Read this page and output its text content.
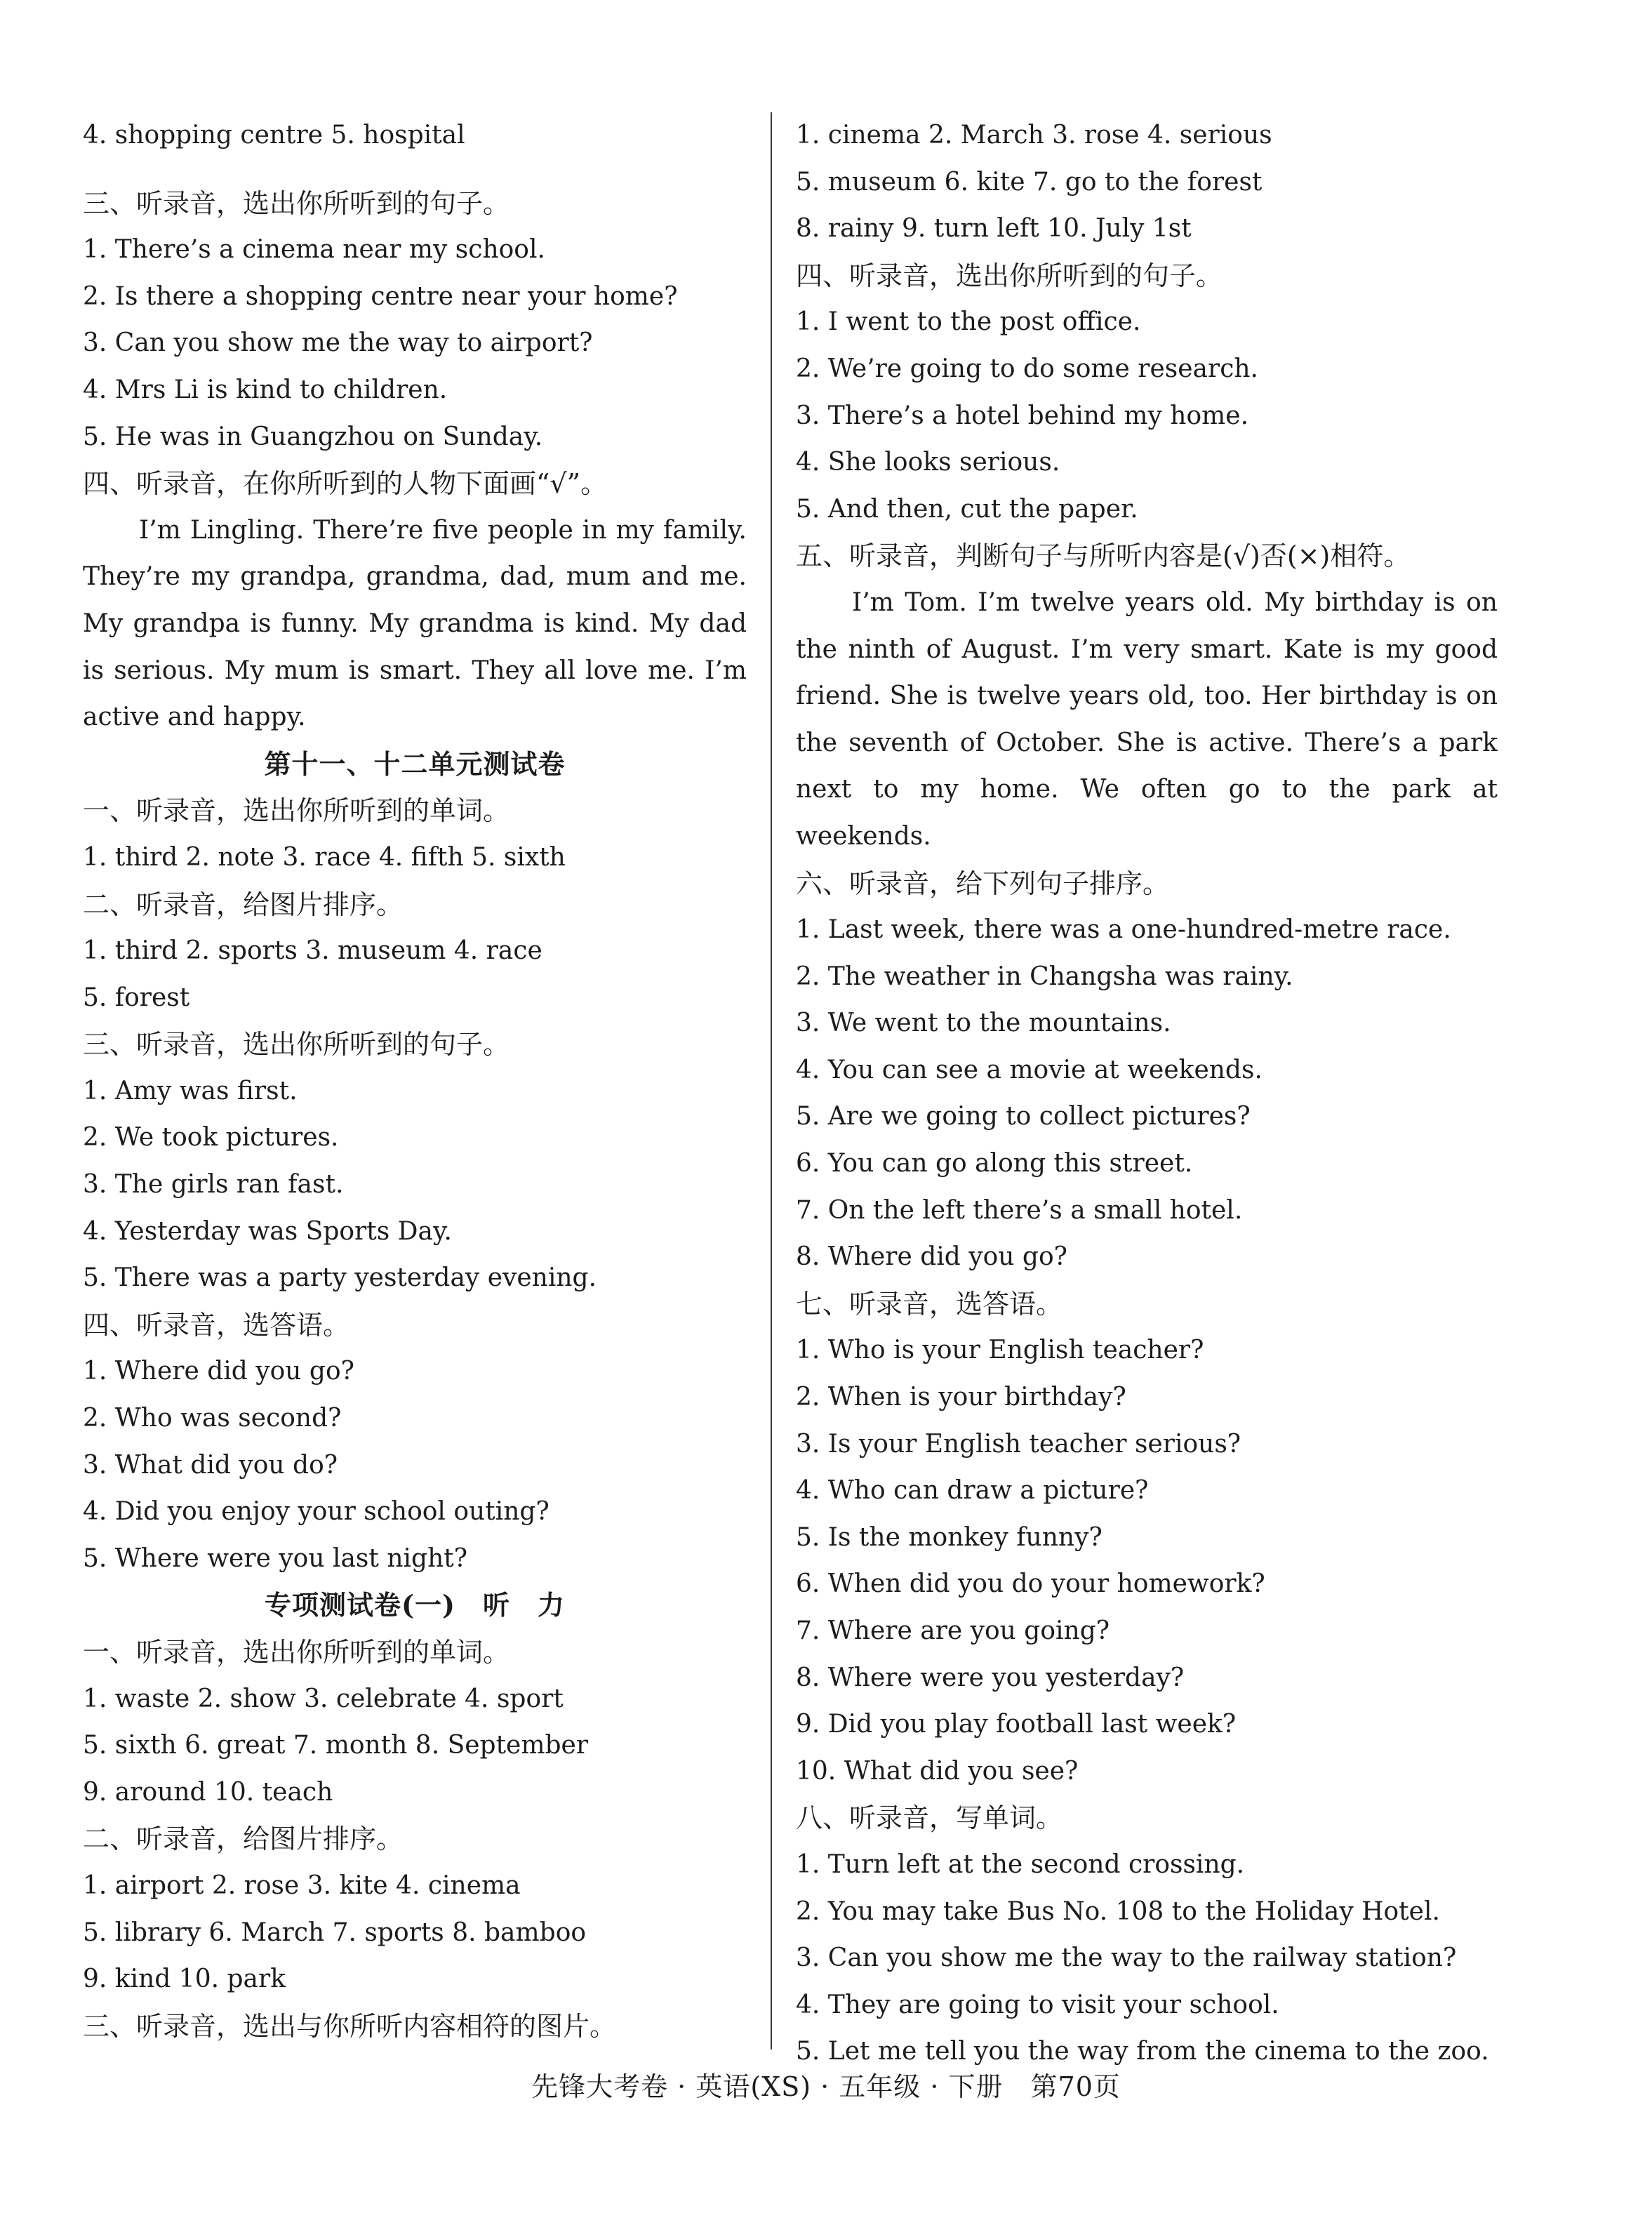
4. shopping centre 5. hospital
三、听录音，选出你所听到的句子。
1. There’s a cinema near my school.
2. Is there a shopping centre near your home?
3. Can you show me the way to airport?
4. Mrs Li is kind to children.
5. He was in Guangzhou on Sunday.
四、听录音，在你所听到的人物下面画“√”。
I’m Lingling. There’re five people in my family. They’re my grandpa, grandma, dad, mum and me. My grandpa is funny. My grandma is kind. My dad is serious. My mum is smart. They all love me. I’m active and happy.
第十一、十二单元测试卷
一、听录音，选出你所听到的单词。
1. third 2. note 3. race 4. fifth 5. sixth
二、听录音，给图片排序。
1. third 2. sports 3. museum 4. race
5. forest
三、听录音，选出你所听到的句子。
1. Amy was first.
2. We took pictures.
3. The girls ran fast.
4. Yesterday was Sports Day.
5. There was a party yesterday evening.
四、听录音，选答语。
1. Where did you go?
2. Who was second?
3. What did you do?
4. Did you enjoy your school outing?
5. Where were you last night?
专项测试卷(一)　听　力
一、听录音，选出你所听到的单词。
1. waste 2. show 3. celebrate 4. sport
5. sixth 6. great 7. month 8. September
9. around 10. teach
二、听录音，给图片排序。
1. airport 2. rose 3. kite 4. cinema
5. library 6. March 7. sports 8. bamboo
9. kind 10. park
三、听录音，选出与你所听内容相符的图片。
1. cinema 2. March 3. rose 4. serious
5. museum 6. kite 7. go to the forest
8. rainy 9. turn left 10. July 1st
四、听录音，选出你所听到的句子。
1. I went to the post office.
2. We’re going to do some research.
3. There’s a hotel behind my home.
4. She looks serious.
5. And then, cut the paper.
五、听录音，判断句子与所听内容是(√)否(×)相符。
I’m Tom. I’m twelve years old. My birthday is on the ninth of August. I’m very smart. Kate is my good friend. She is twelve years old, too. Her birthday is on the seventh of October. She is active. There’s a park next to my home. We often go to the park at weekends.
六、听录音，给下列句子排序。
1. Last week, there was a one-hundred-metre race.
2. The weather in Changsha was rainy.
3. We went to the mountains.
4. You can see a movie at weekends.
5. Are we going to collect pictures?
6. You can go along this street.
7. On the left there’s a small hotel.
8. Where did you go?
七、听录音，选答语。
1. Who is your English teacher?
2. When is your birthday?
3. Is your English teacher serious?
4. Who can draw a picture?
5. Is the monkey funny?
6. When did you do your homework?
7. Where are you going?
8. Where were you yesterday?
9. Did you play football last week?
10. What did you see?
八、听录音，写单词。
1. Turn left at the second crossing.
2. You may take Bus No. 108 to the Holiday Hotel.
3. Can you show me the way to the railway station?
4. They are going to visit your school.
5. Let me tell you the way from the cinema to the zoo.
先锋大考卷 · 英语(XS) · 五年级 · 下册　第70页
